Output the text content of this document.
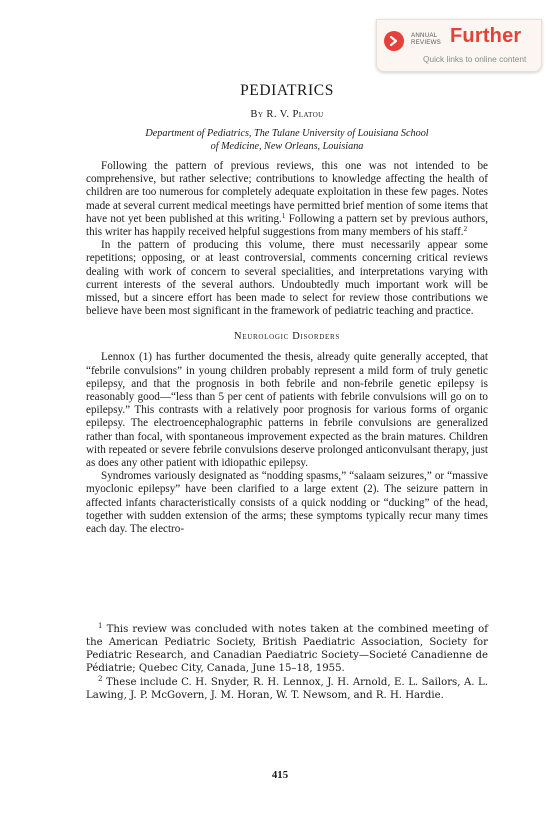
ANNUAL
REVIEWS Further
Quick links to online content
PEDIATRICS
By R. V. Platou
Department of Pediatrics, The Tulane University of Louisiana School
of Medicine, New Orleans, Louisiana

Following the pattern of previous reviews, this one was not intended to be comprehensive, but rather selective; contributions to knowledge affecting the health of children are too numerous for completely adequate exploitation in these few pages. Notes made at several current medical meetings have permitted brief mention of some items that have not yet been published at this writing.$^1$ Following a pattern set by previous authors, this writer has happily received helpful suggestions from many members of his staff.$^2$

In the pattern of producing this volume, there must necessarily appear some repetitions; opposing, or at least controversial, comments concerning critical reviews dealing with work of concern to several specialities, and interpretations varying with current interests of the several authors. Undoubtedly much important work will be missed, but a sincere effort has been made to select for review those contributions we believe have been most significant in the framework of pediatric teaching and practice.

Neurologic Disorders

Lennox (1) has further documented the thesis, already quite generally accepted, that “febrile convulsions” in young children probably represent a mild form of truly genetic epilepsy, and that the prognosis in both febrile and non-febrile genetic epilepsy is reasonably good—“less than 5 per cent of patients with febrile convulsions will go on to epilepsy.” This contrasts with a relatively poor prognosis for various forms of organic epilepsy. The electroencephalographic patterns in febrile convulsions are generalized rather than focal, with spontaneous improvement expected as the brain matures. Children with repeated or severe febrile convulsions deserve prolonged anticonvulsant therapy, just as does any other patient with idiopathic epilepsy.

Syndromes variously designated as “nodding spasms,” “salaam seizures,” or “massive myoclonic epilepsy” have been clarified to a large extent (2). The seizure pattern in affected infants characteristically consists of a quick nodding or “ducking” of the head, together with sudden extension of the arms; these symptoms typically recur many times each day. The electro-

$^1$ This review was concluded with notes taken at the combined meeting of the American Pediatric Society, British Paediatric Association, Society for Pediatric Research, and Canadian Paediatric Society—Societé Canadienne de Pédiatrie; Quebec City, Canada, June 15–18, 1955.

$^2$ These include C. H. Snyder, R. H. Lennox, J. H. Arnold, E. L. Sailors, A. L. Lawing, J. P. McGovern, J. M. Horan, W. T. Newsom, and R. H. Hardie.

415
